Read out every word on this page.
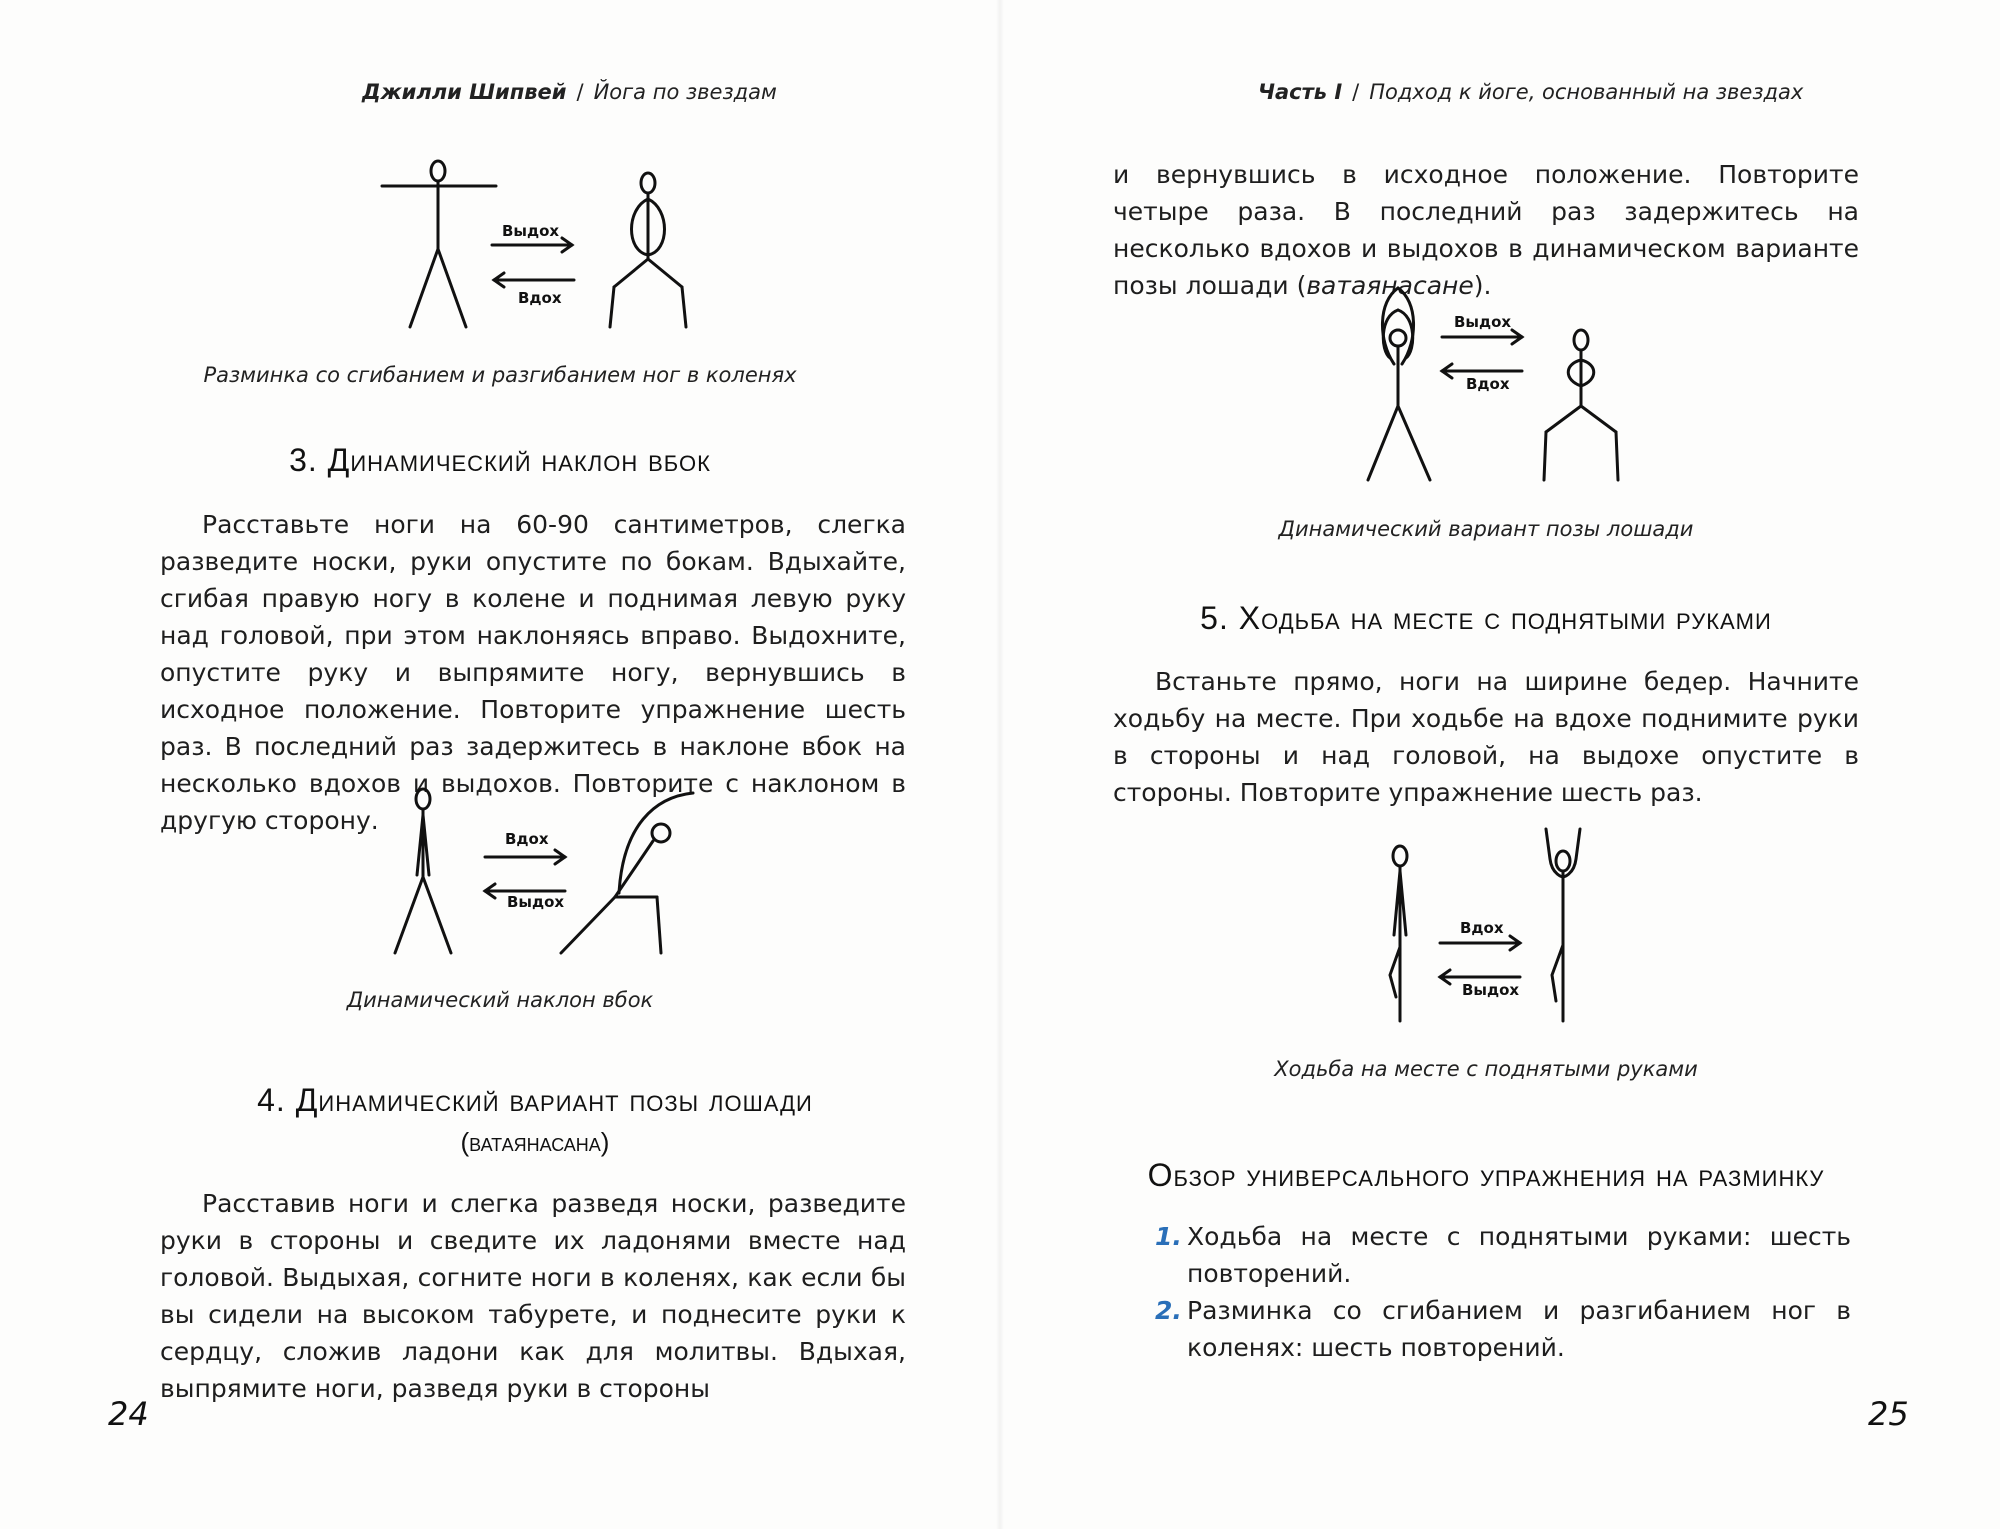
Джилли Шипвей / Йога по звездам
Выдох
Вдох
Разминка со сгибанием и разгибанием ног в коленях
3. Динамический наклон вбок

Расставьте ноги на 60-90 сантиметров, слегка разведите носки, руки опустите по бокам. Вдыхайте, сгибая правую ногу в колене и поднимая левую руку над головой, при этом наклоняясь вправо. Выдохните, опустите руку и выпрямите ногу, вернувшись в исходное положение. Повторите упражнение шесть раз. В последний раз задержитесь в наклоне вбок на несколько вдохов и выдохов. Повторите с наклоном в другую сторону.

Вдох
Выдох
Динамический наклон вбок
4. Динамический вариант позы лошади
(ватаянасана)

Расставив ноги и слегка разведя носки, разведите руки в стороны и сведите их ладонями вместе над головой. Выдыхая, согните ноги в коленях, как если бы вы сидели на высоком табурете, и поднесите руки к сердцу, сложив ладони как для молитвы. Вдыхая, выпрямите ноги, разведя руки в стороны

24
Часть I / Подход к йоге, основанный на звездах

и вернувшись в исходное положение. Повторите четыре раза. В последний раз задержитесь на несколько вдохов и выдохов в динамическом варианте позы лошади (ватаянасане).

Выдох
Вдох
Динамический вариант позы лошади
5. Ходьба на месте с поднятыми руками

Встаньте прямо, ноги на ширине бедер. Начните ходьбу на месте. При ходьбе на вдохе поднимите руки в стороны и над головой, на выдохе опустите в стороны. Повторите упражнение шесть раз.

Вдох
Выдох
Ходьба на месте с поднятыми руками
Обзор универсального упражнения на разминку
1. Ходьба на месте с поднятыми руками: шесть повторений.
2. Разминка со сгибанием и разгибанием ног в коленях: шесть повторений.
25
